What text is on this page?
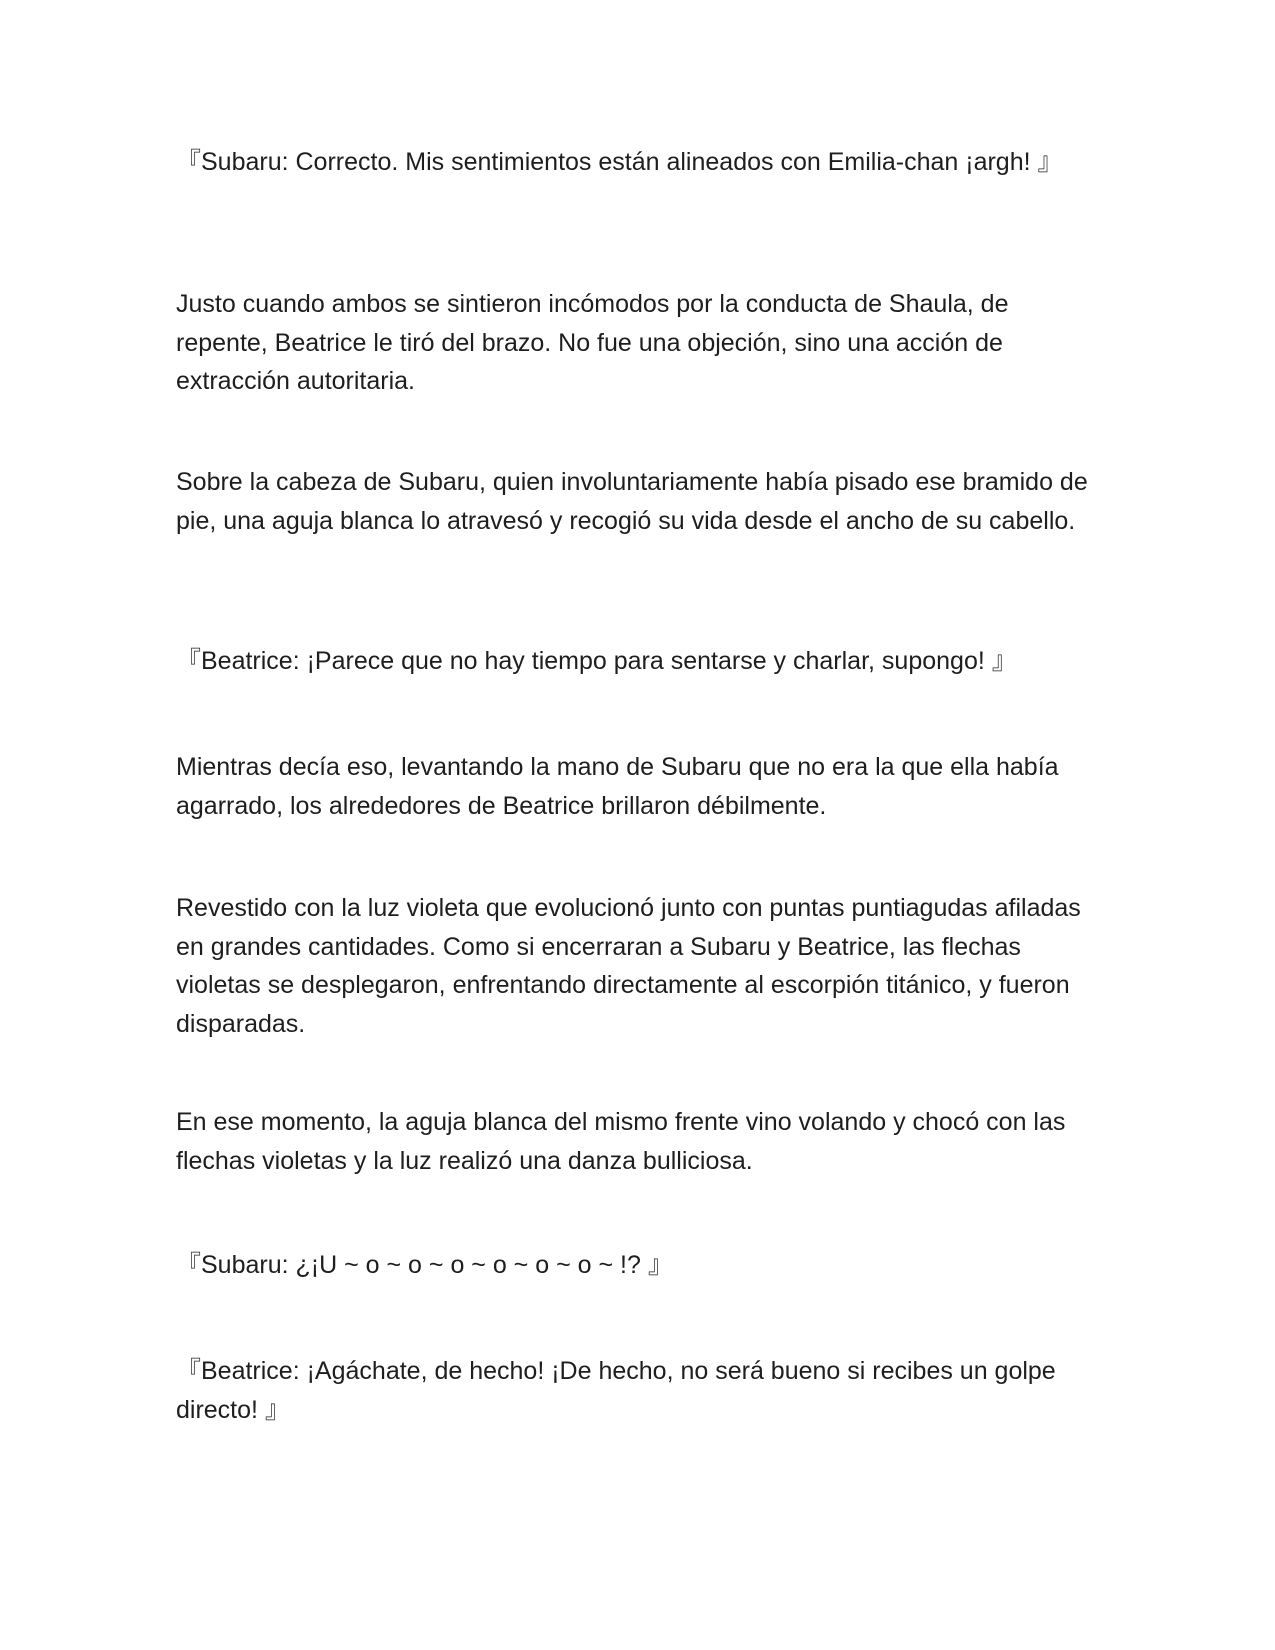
『Subaru: Correcto. Mis sentimientos están alineados con Emilia-chan ¡argh! 』

Justo cuando ambos se sintieron incómodos por la conducta de Shaula, de repente, Beatrice le tiró del brazo. No fue una objeción, sino una acción de extracción autoritaria.

Sobre la cabeza de Subaru, quien involuntariamente había pisado ese bramido de pie, una aguja blanca lo atravesó y recogió su vida desde el ancho de su cabello.

『Beatrice: ¡Parece que no hay tiempo para sentarse y charlar, supongo! 』

Mientras decía eso, levantando la mano de Subaru que no era la que ella había agarrado, los alrededores de Beatrice brillaron débilmente.

Revestido con la luz violeta que evolucionó junto con puntas puntiagudas afiladas en grandes cantidades. Como si encerraran a Subaru y Beatrice, las flechas violetas se desplegaron, enfrentando directamente al escorpión titánico, y fueron disparadas.

En ese momento, la aguja blanca del mismo frente vino volando y chocó con las flechas violetas y la luz realizó una danza bulliciosa.

『Subaru: ¿¡U ~ o ~ o ~ o ~ o ~ o ~ o ~ !? 』

『Beatrice: ¡Agáchate, de hecho! ¡De hecho, no será bueno si recibes un golpe directo! 』
